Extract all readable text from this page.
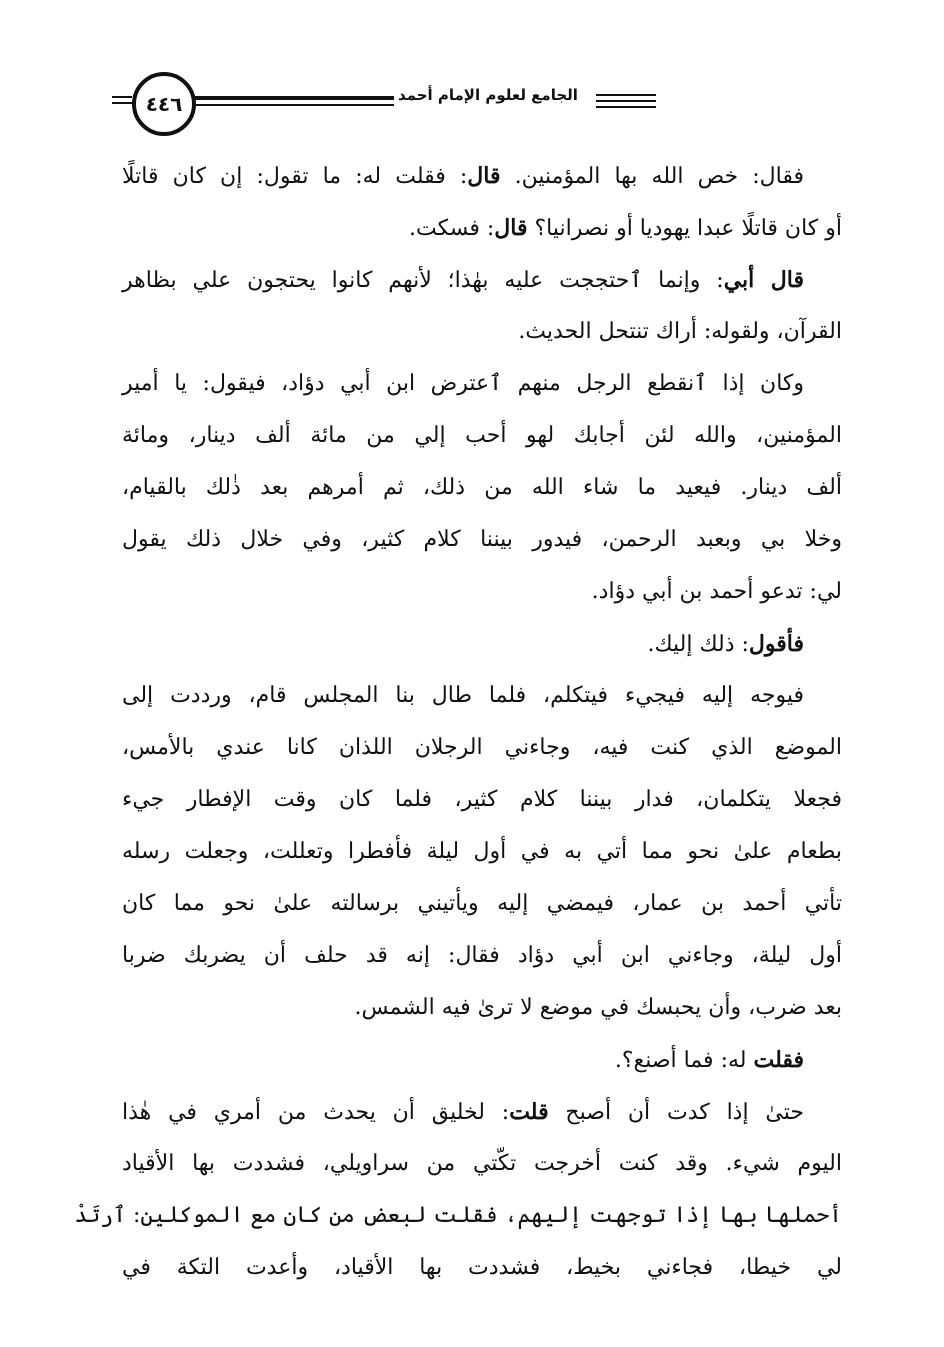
٤٤٦	الجامع لعلوم الإمام أحمد
فقال: خص الله بها المؤمنين. قال: فقلت له: ما تقول: إن كان قاتلًا
أو كان قاتلًا عبدا يهوديا أو نصرانيا؟ قال: فسكت.
قال أبي: وإنما ٱحتججت عليه بهٰذا؛ لأنهم كانوا يحتجون علي بظاهر
القرآن، ولقوله: أراك تنتحل الحديث.
وكان إذا ٱنقطع الرجل منهم ٱعترض ابن أبي دؤاد، فيقول: يا أمير
المؤمنين، والله لئن أجابك لهو أحب إلي من مائة ألف دينار، ومائة
ألف دينار. فيعيد ما شاء الله من ذلك، ثم أمرهم بعد ذٰلك بالقيام،
وخلا بي وبعبد الرحمن، فيدور بيننا كلام كثير، وفي خلال ذلك يقول
لي: تدعو أحمد بن أبي دؤاد.
فأقول: ذلك إليك.
فيوجه إليه فيجيء فيتكلم، فلما طال بنا المجلس قام، ورددت إلى
الموضع الذي كنت فيه، وجاءني الرجلان اللذان كانا عندي بالأمس،
فجعلا يتكلمان، فدار بيننا كلام كثير، فلما كان وقت الإفطار جيء
بطعام علىٰ نحو مما أتي به في أول ليلة فأفطرا وتعللت، وجعلت رسله
تأتي أحمد بن عمار، فيمضي إليه ويأتيني برسالته علىٰ نحو مما كان
أول ليلة، وجاءني ابن أبي دؤاد فقال: إنه قد حلف أن يضربك ضربا
بعد ضرب، وأن يحبسك في موضع لا ترىٰ فيه الشمس.
فقلت له: فما أصنع؟.
حتىٰ إذا كدت أن أصبح قلت: لخليق أن يحدث من أمري في هٰذا
اليوم شيء. وقد كنت أخرجت تكّتي من سراويلي، فشددت بها الأقياد
أحملها بها إذا توجهت إليهم، فقلت لبعض من كان مع الموكلين: ٱرتَدْ
لي خيطا، فجاءني بخيط، فشددت بها الأقياد، وأعدت التكة في
